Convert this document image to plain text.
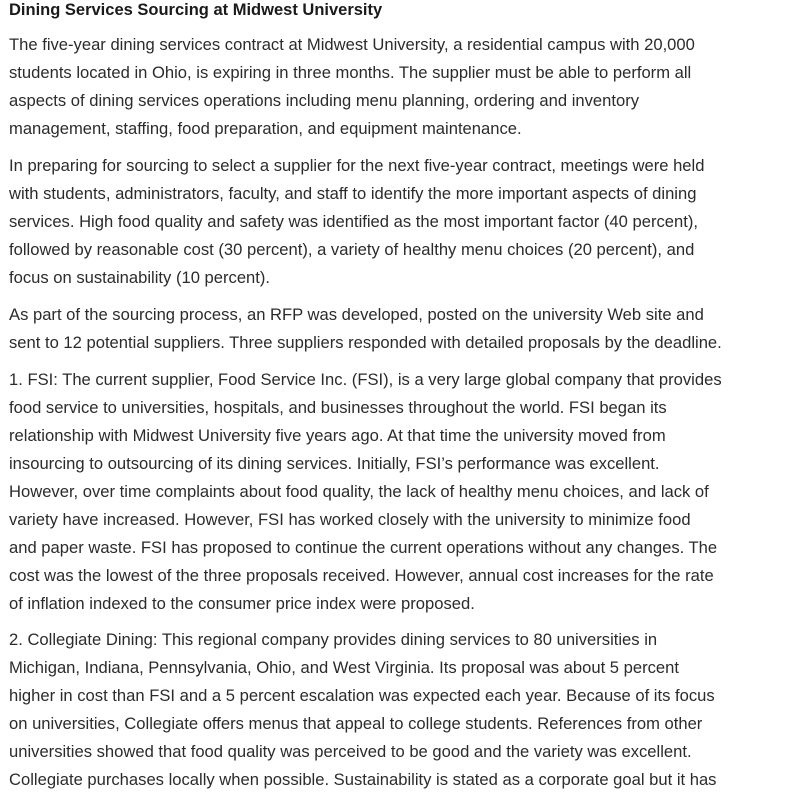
Dining Services Sourcing at Midwest University

The five-year dining services contract at Midwest University, a residential campus with 20,000
students located in Ohio, is expiring in three months. The supplier must be able to perform all
aspects of dining services operations including menu planning, ordering and inventory
management, staffing, food preparation, and equipment maintenance.

In preparing for sourcing to select a supplier for the next five-year contract, meetings were held
with students, administrators, faculty, and staff to identify the more important aspects of dining
services. High food quality and safety was identified as the most important factor (40 percent),
followed by reasonable cost (30 percent), a variety of healthy menu choices (20 percent), and
focus on sustainability (10 percent).

As part of the sourcing process, an RFP was developed, posted on the university Web site and
sent to 12 potential suppliers. Three suppliers responded with detailed proposals by the deadline.

1. FSI: The current supplier, Food Service Inc. (FSI), is a very large global company that provides
food service to universities, hospitals, and businesses throughout the world. FSI began its
relationship with Midwest University five years ago. At that time the university moved from
insourcing to outsourcing of its dining services. Initially, FSI’s performance was excellent.
However, over time complaints about food quality, the lack of healthy menu choices, and lack of
variety have increased. However, FSI has worked closely with the university to minimize food
and paper waste. FSI has proposed to continue the current operations without any changes. The
cost was the lowest of the three proposals received. However, annual cost increases for the rate
of inflation indexed to the consumer price index were proposed.

2. Collegiate Dining: This regional company provides dining services to 80 universities in
Michigan, Indiana, Pennsylvania, Ohio, and West Virginia. Its proposal was about 5 percent
higher in cost than FSI and a 5 percent escalation was expected each year. Because of its focus
on universities, Collegiate offers menus that appeal to college students. References from other
universities showed that food quality was perceived to be good and the variety was excellent.
Collegiate purchases locally when possible. Sustainability is stated as a corporate goal but it has
